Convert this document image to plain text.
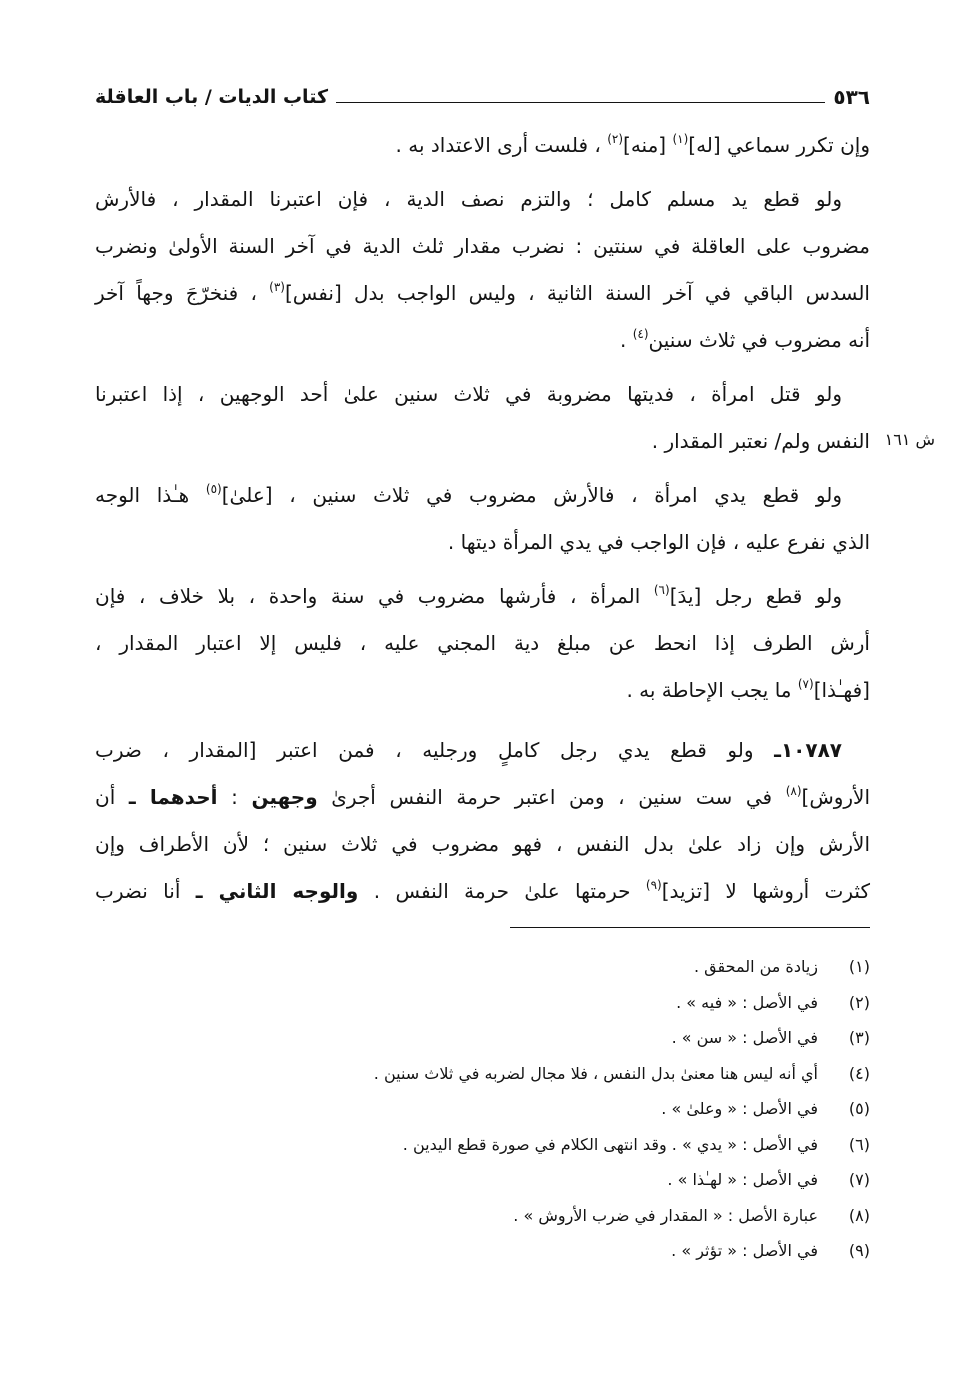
٥٣٦
كتاب الديات / باب العاقلة
ش ١٦١
وإن تكرر سماعي [له]$^{(١)}$ [منه]$^{(٢)}$ ، فلست أرى الاعتداد به .
ولو قطع يد مسلم كامل ؛ والتزم نصف الدية ، فإن اعتبرنا المقدار ، فالأرش
مضروب على العاقلة في سنتين : نضرب مقدار ثلث الدية في آخر السنة الأولىٰ ونضرب
السدس الباقي في آخر السنة الثانية ، وليس الواجب بدل [نفس]$^{(٣)}$ ، فنخرّجَ وجهاً آخر
أنه مضروب في ثلاث سنين$^{(٤)}$ .
ولو قتل امرأة ، فديتها مضروبة في ثلاث سنين علىٰ أحد الوجهين ، إذا اعتبرنا
النفس ولم/ نعتبر المقدار .
ولو قطع يدي امرأة ، فالأرش مضروب في ثلاث سنين ، [علىٰ]$^{(٥)}$ هـٰذا الوجه
الذي نفرع عليه ، فإن الواجب في يدي المرأة ديتها .
ولو قطع رجل [يدَ]$^{(٦)}$ المرأة ، فأرشها مضروب في سنة واحدة ، بلا خلاف ، فإن
أرش الطرف إذا انحط عن مبلغ دية المجني عليه ، فليس إلا اعتبار المقدار ،
[فهـٰذا]$^{(٧)}$ ما يجب الإحاطة به .
١٠٧٨٧ـ ولو قطع يدي رجل كاملٍ ورجليه ، فمن اعتبر [المقدار ، ضرب
الأروش]$^{(٨)}$ في ست سنين ، ومن اعتبر حرمة النفس أجرىٰ وجهين : أحدهما ـ أن
الأرش وإن زاد علىٰ بدل النفس ، فهو مضروب في ثلاث سنين ؛ لأن الأطراف وإن
كثرت أروشها لا [تزيد]$^{(٩)}$ حرمتها علىٰ حرمة النفس . والوجه الثاني ـ أنا نضرب
(١)
زيادة من المحقق .
(٢)
في الأصل : « فيه » .
(٣)
في الأصل : « سن » .
(٤)
أي أنه ليس هنا معنىٰ بدل النفس ، فلا مجال لضربه في ثلاث سنين .
(٥)
في الأصل : « وعلىٰ » .
(٦)
في الأصل : « يدي » . وقد انتهى الكلام في صورة قطع اليدين .
(٧)
في الأصل : « لهـٰذا » .
(٨)
عبارة الأصل : « المقدار في ضرب الأروش » .
(٩)
في الأصل : « تؤثر » .
